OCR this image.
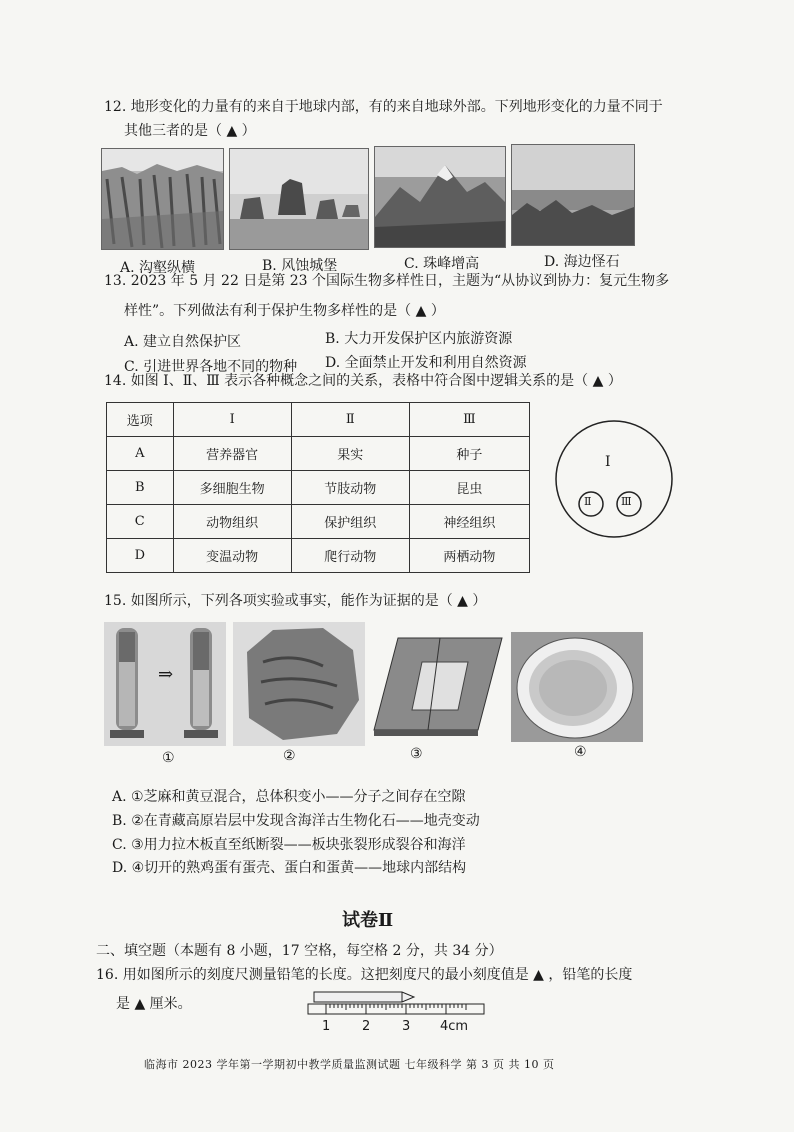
12. 地形变化的力量有的来自于地球内部，有的来自地球外部。下列地形变化的力量不同于
其他三者的是（ ▲ ）
A. 沟壑纵横	B. 风蚀城堡	C. 珠峰增高	D. 海边怪石
13. 2023 年 5 月 22 日是第 23 个国际生物多样性日，主题为“从协议到协力：复元生物多
样性”。下列做法有利于保护生物多样性的是（ ▲ ）
A. 建立自然保护区	B. 大力开发保护区内旅游资源
C. 引进世界各地不同的物种 D. 全面禁止开发和利用自然资源
14. 如图 Ⅰ、Ⅱ、Ⅲ 表示各种概念之间的关系，表格中符合图中逻辑关系的是（ ▲ ）
选项	Ⅰ	Ⅱ	Ⅲ
A	营养器官	果实	种子
B	多细胞生物	节肢动物	昆虫
C	动物组织	保护组织	神经组织
D	变温动物	爬行动物	两栖动物
Ⅰ
Ⅱ	Ⅲ
15. 如图所示，下列各项实验或事实，能作为证据的是（ ▲ ）
⇒
①	②	③	④
A. ①芝麻和黄豆混合，总体积变小——分子之间存在空隙
B. ②在青藏高原岩层中发现含海洋古生物化石——地壳变动
C. ③用力拉木板直至纸断裂——板块张裂形成裂谷和海洋
D. ④切开的熟鸡蛋有蛋壳、蛋白和蛋黄——地球内部结构
试卷Ⅱ
二、填空题（本题有 8 小题，17 空格，每空格 2 分，共 34 分）
16. 用如图所示的刻度尺测量铅笔的长度。这把刻度尺的最小刻度值是 ▲ ，铅笔的长度
是 ▲ 厘米。
1 2 3 4cm
临海市 2023 学年第一学期初中教学质量监测试题 七年级科学 第 3 页 共 10 页
